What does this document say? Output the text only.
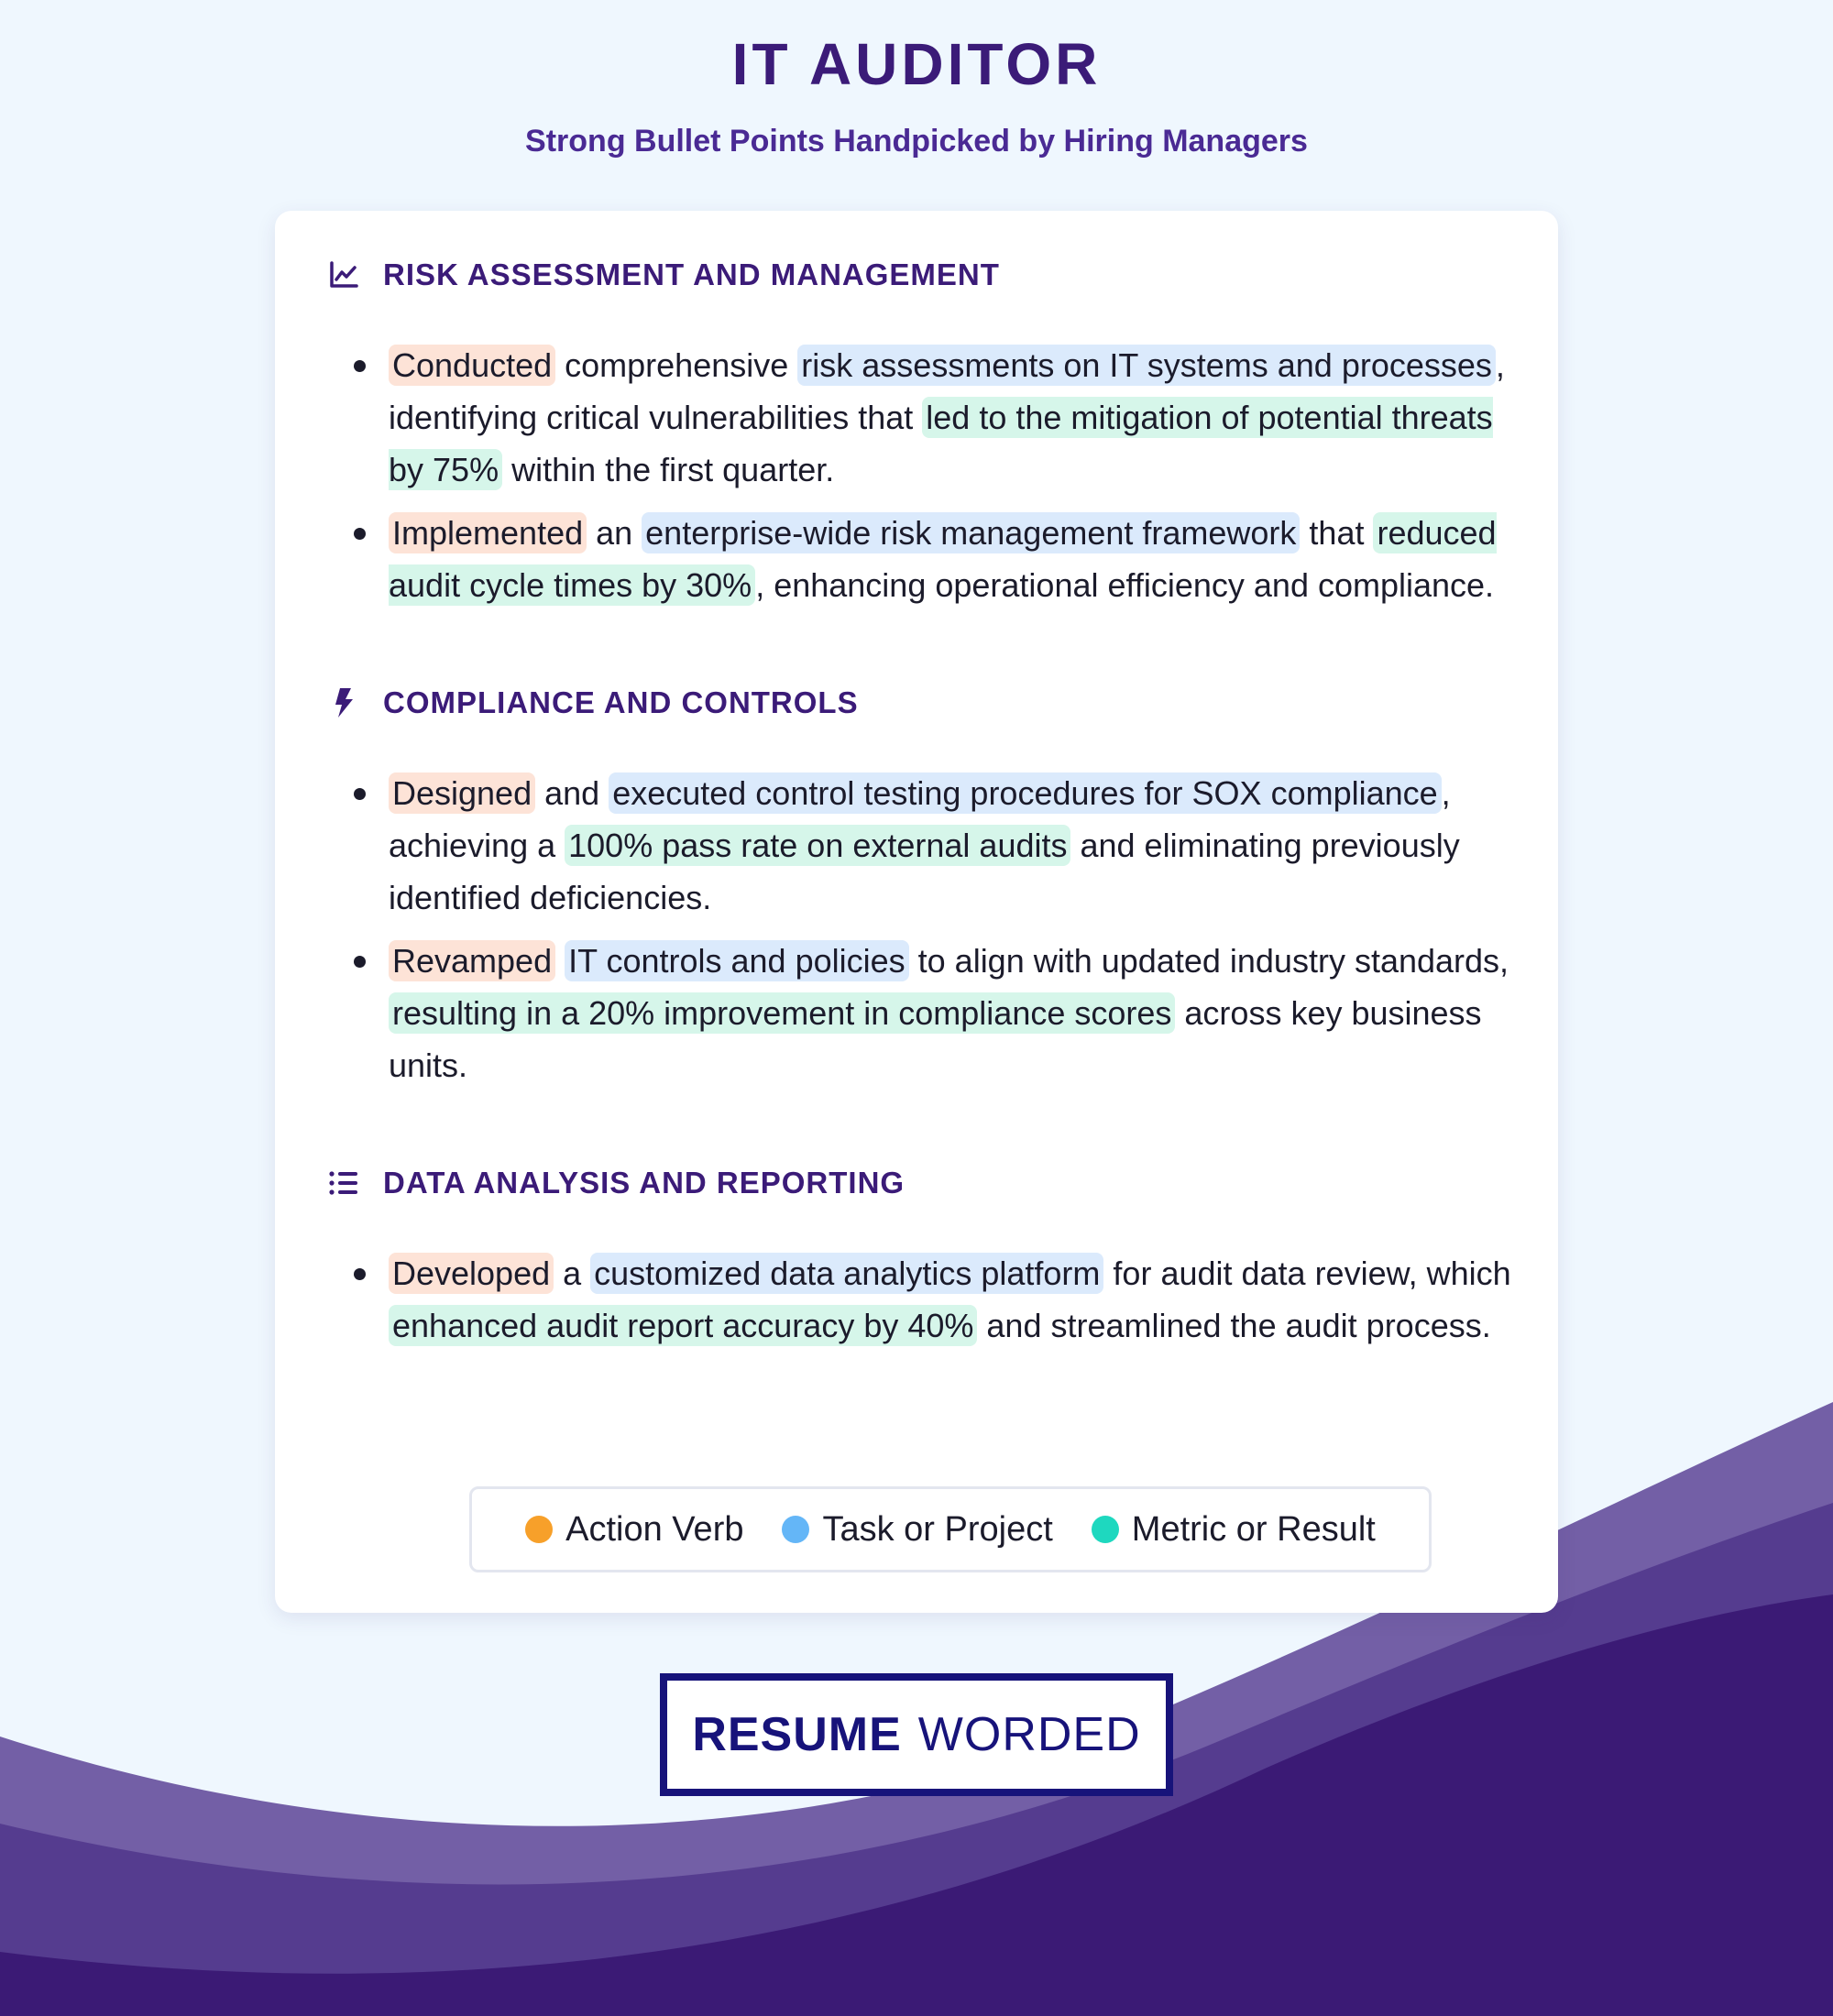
IT AUDITOR
Strong Bullet Points Handpicked by Hiring Managers
RISK ASSESSMENT AND MANAGEMENT
Conducted comprehensive risk assessments on IT systems and processes , identifying critical vulnerabilities that led to the mitigation of potential threats by 75% within the first quarter.
Implemented an enterprise-wide risk management framework that reduced audit cycle times by 30% , enhancing operational efficiency and compliance.
COMPLIANCE AND CONTROLS
Designed and executed control testing procedures for SOX compliance , achieving a 100% pass rate on external audits and eliminating previously identified deficiencies.
Revamped IT controls and policies to align with updated industry standards, resulting in a 20% improvement in compliance scores across key business units.
DATA ANALYSIS AND REPORTING
Developed a customized data analytics platform for audit data review, which enhanced audit report accuracy by 40% and streamlined the audit process.
Action Verb Task or Project Metric or Result
RESUME WORDED
